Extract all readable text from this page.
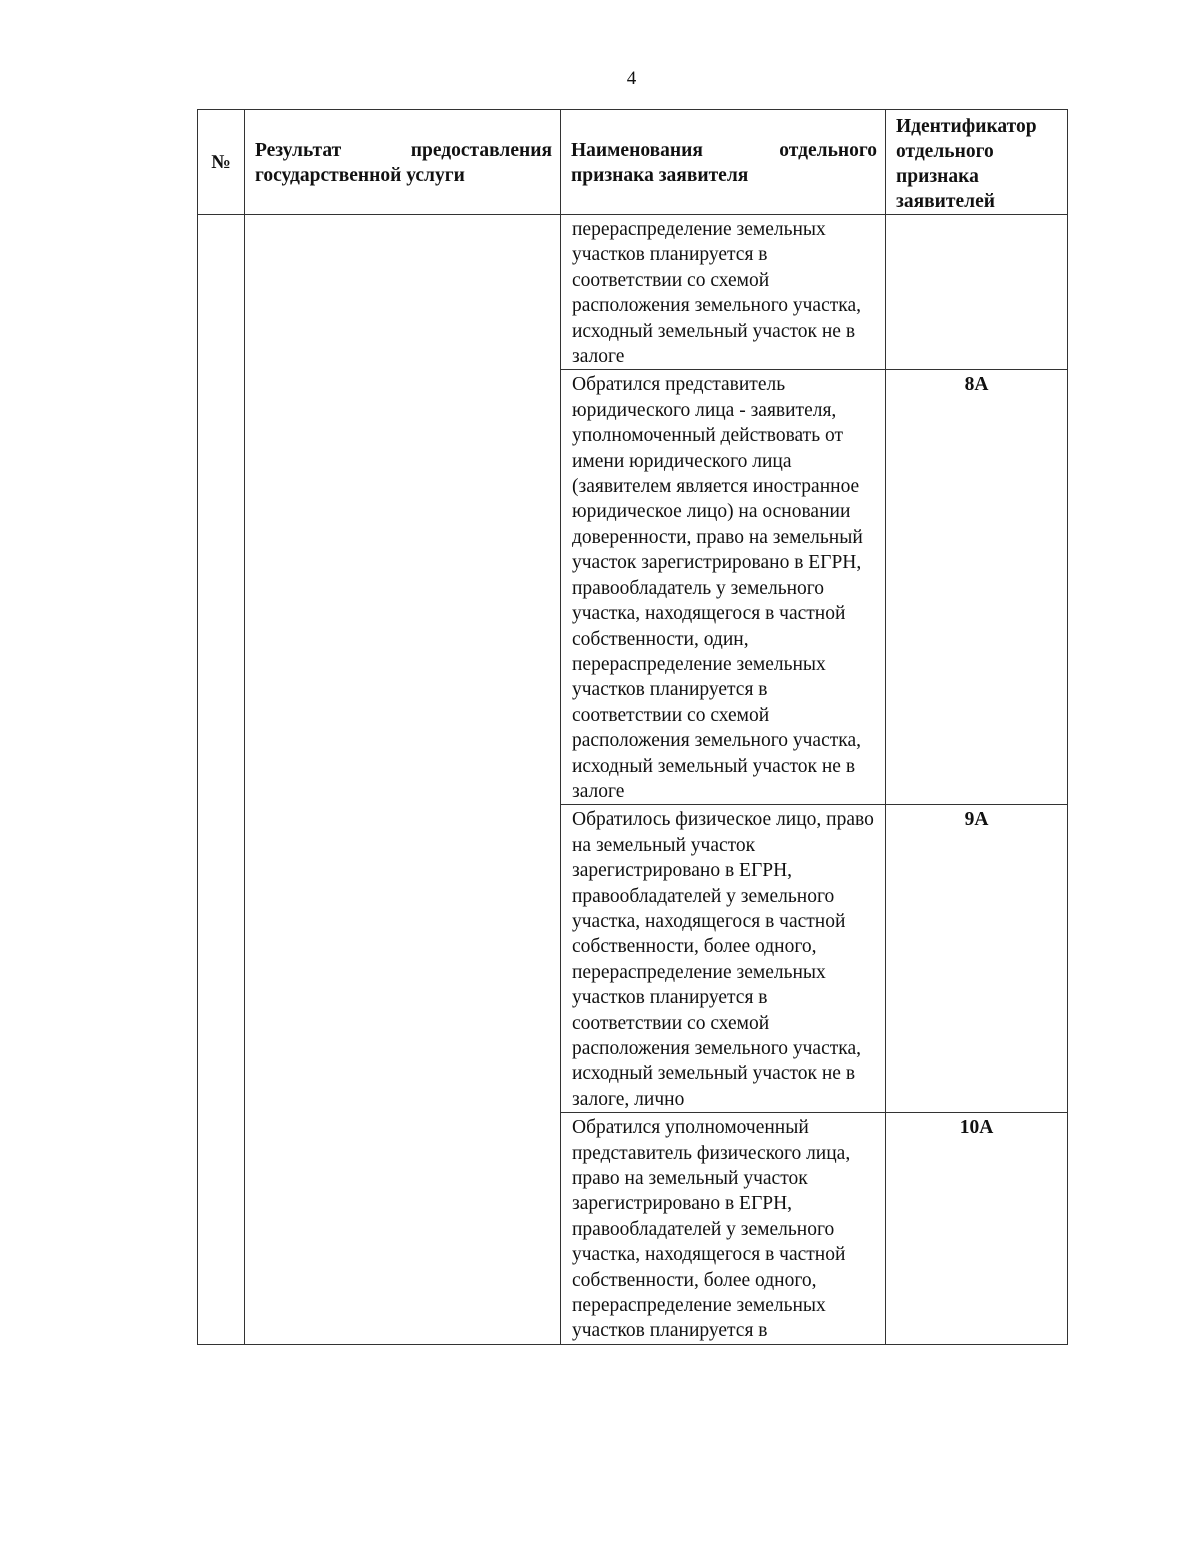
4
№	Результат предоставления государственной услуги	Наименования отдельного признака заявителя	Идентификатор отдельного признака заявителей

		перераспределение земельных участков планируется в соответствии со схемой расположения земельного участка, исходный земельный участок не в залоге	

		Обратился представитель юридического лица - заявителя, уполномоченный действовать от имени юридического лица (заявителем является иностранное юридическое лицо) на основании доверенности, право на земельный участок зарегистрировано в ЕГРН, правообладатель у земельного участка, находящегося в частной собственности, один, перераспределение земельных участков планируется в соответствии со схемой расположения земельного участка, исходный земельный участок не в залоге	8А

		Обратилось физическое лицо, право на земельный участок зарегистрировано в ЕГРН, правообладателей у земельного участка, находящегося в частной собственности, более одного, перераспределение земельных участков планируется в соответствии со схемой расположения земельного участка, исходный земельный участок не в залоге, лично	9А

		Обратился уполномоченный представитель физического лица, право на земельный участок зарегистрировано в ЕГРН, правообладателей у земельного участка, находящегося в частной собственности, более одного, перераспределение земельных участков планируется в	10А
